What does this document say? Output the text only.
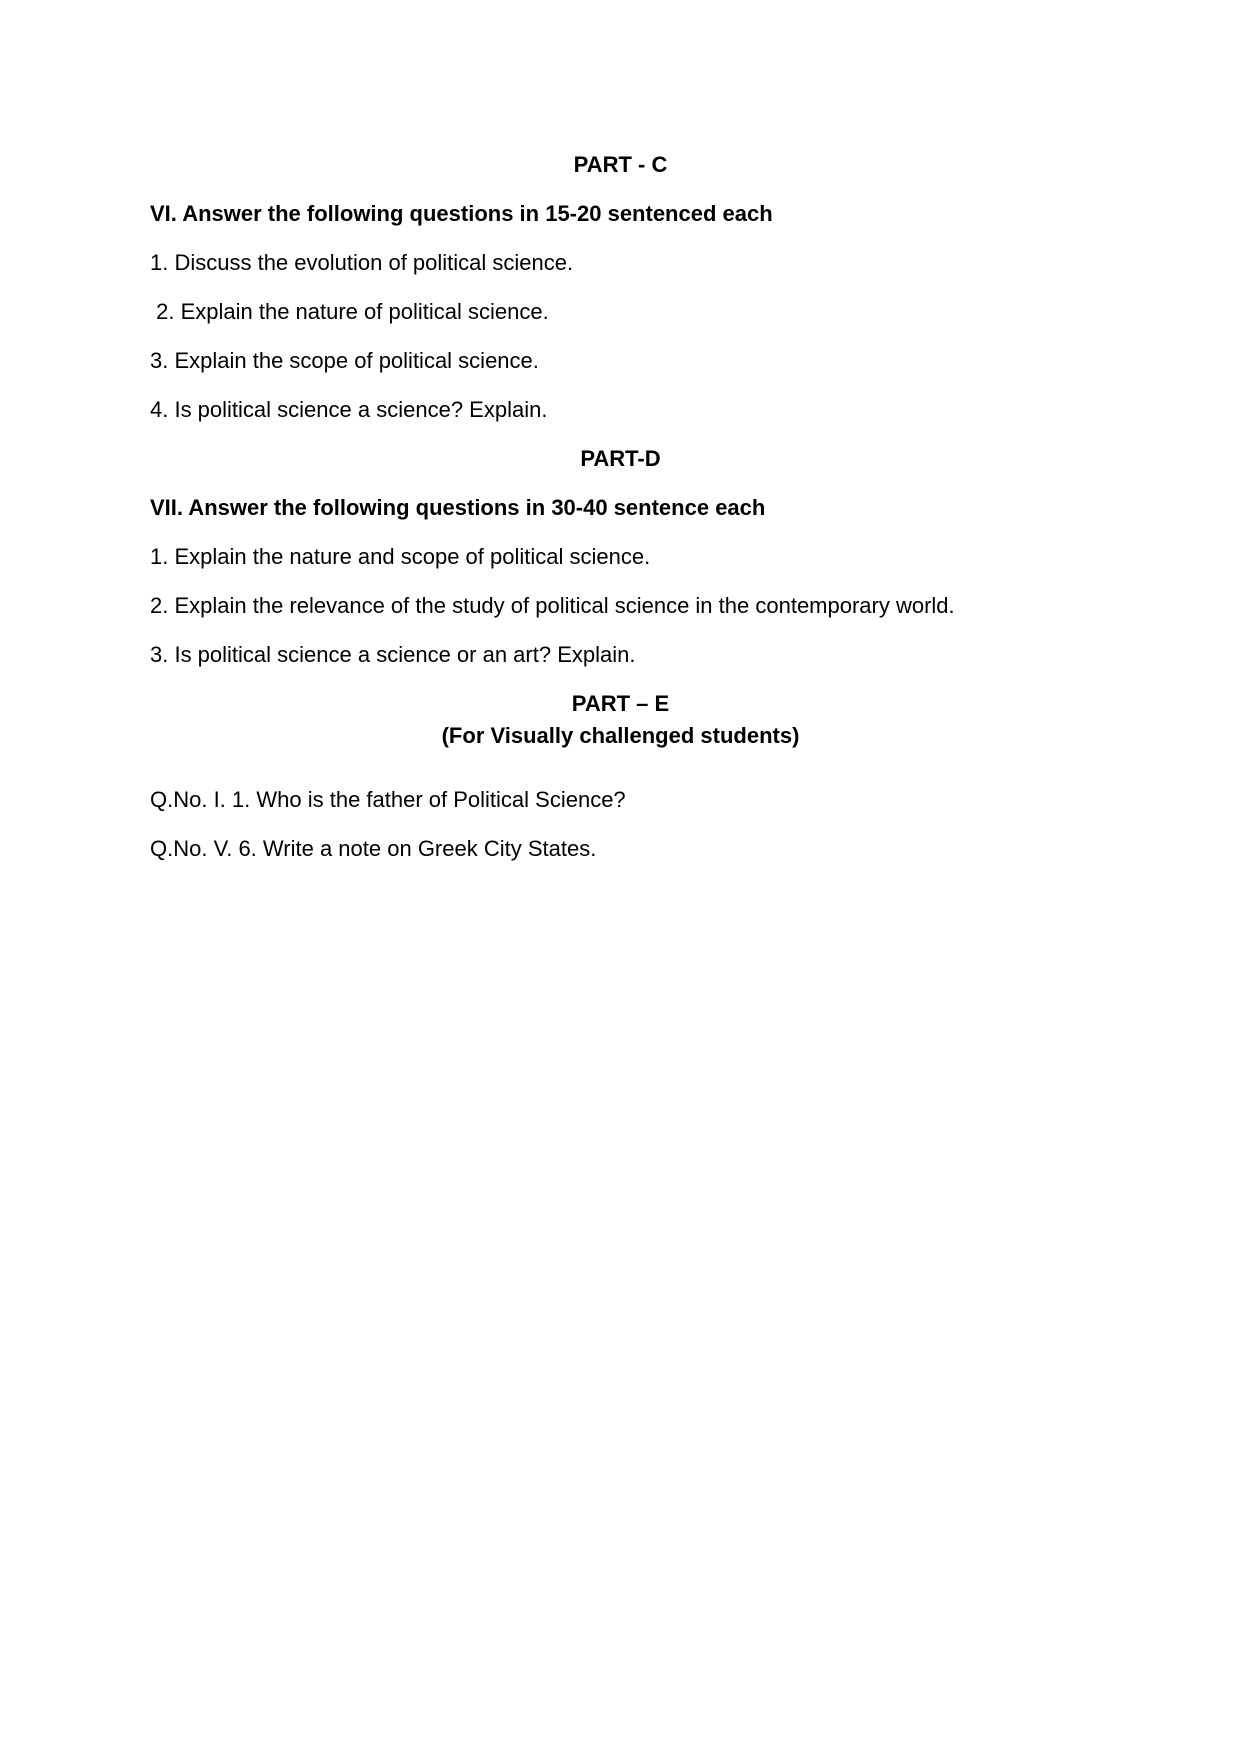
PART - C
VI. Answer the following questions in 15-20 sentenced each
1. Discuss the evolution of political science.
2. Explain the nature of political science.
3. Explain the scope of political science.
4. Is political science a science? Explain.
PART-D
VII. Answer the following questions in 30-40 sentence each
1. Explain the nature and scope of political science.
2. Explain the relevance of the study of political science in the contemporary world.
3. Is political science a science or an art? Explain.
PART – E
(For Visually challenged students)
Q.No. I. 1. Who is the father of Political Science?
Q.No. V. 6. Write a note on Greek City States.
